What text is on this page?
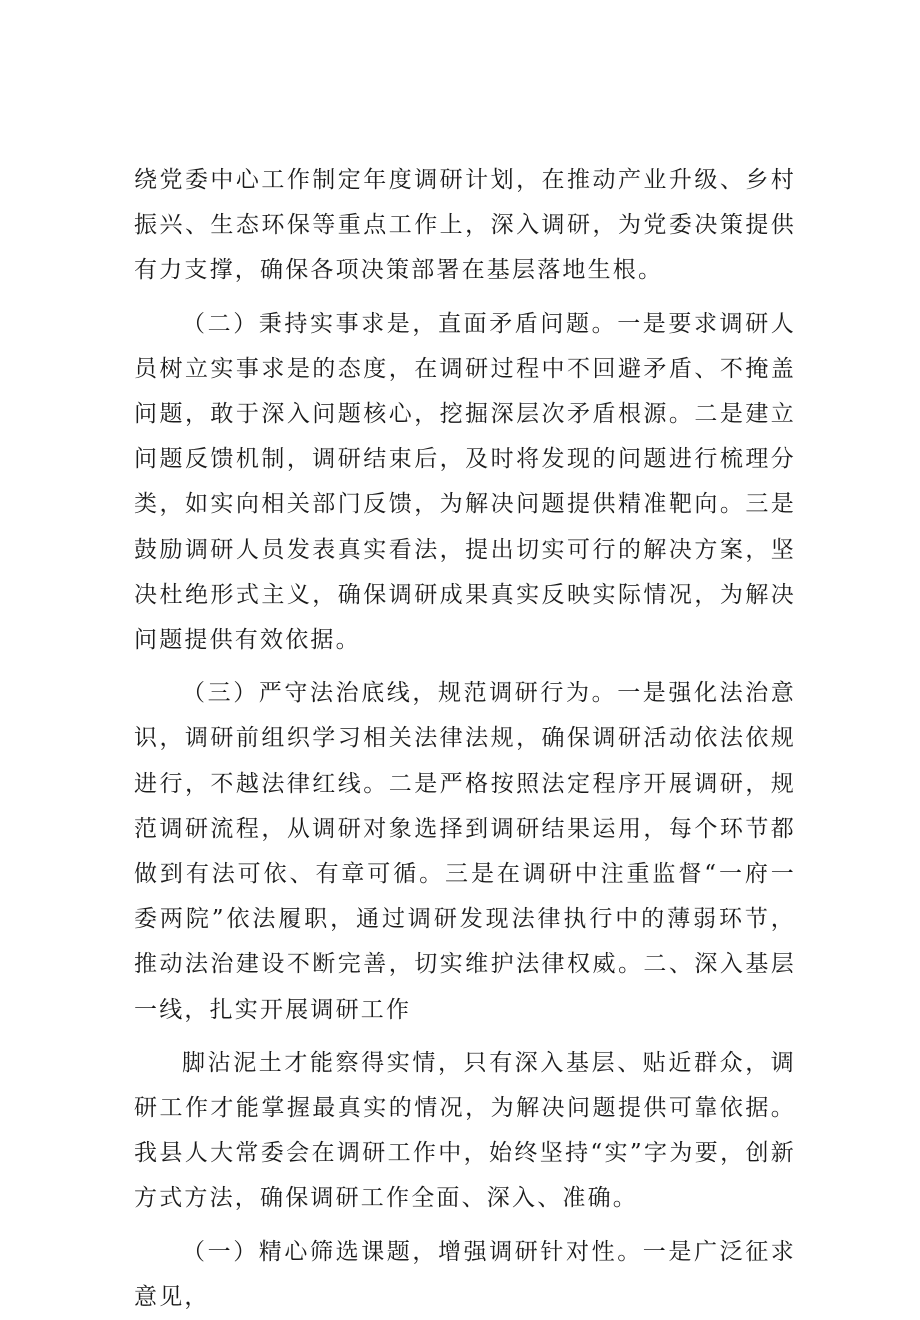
绕党委中心工作制定年度调研计划，在推动产业升级、乡村振兴、生态环保等重点工作上，深入调研，为党委决策提供有力支撑，确保各项决策部署在基层落地生根。

（二）秉持实事求是，直面矛盾问题。一是要求调研人员树立实事求是的态度，在调研过程中不回避矛盾、不掩盖问题，敢于深入问题核心，挖掘深层次矛盾根源。二是建立问题反馈机制，调研结束后，及时将发现的问题进行梳理分类，如实向相关部门反馈，为解决问题提供精准靶向。三是鼓励调研人员发表真实看法，提出切实可行的解决方案，坚决杜绝形式主义，确保调研成果真实反映实际情况，为解决问题提供有效依据。

（三）严守法治底线，规范调研行为。一是强化法治意识，调研前组织学习相关法律法规，确保调研活动依法依规进行，不越法律红线。二是严格按照法定程序开展调研，规范调研流程，从调研对象选择到调研结果运用，每个环节都做到有法可依、有章可循。三是在调研中注重监督“一府一委两院”依法履职，通过调研发现法律执行中的薄弱环节，推动法治建设不断完善，切实维护法律权威。二、深入基层一线，扎实开展调研工作

脚沾泥土才能察得实情，只有深入基层、贴近群众，调研工作才能掌握最真实的情况，为解决问题提供可靠依据。我县人大常委会在调研工作中，始终坚持“实”字为要，创新方式方法，确保调研工作全面、深入、准确。

（一）精心筛选课题，增强调研针对性。一是广泛征求意见，
